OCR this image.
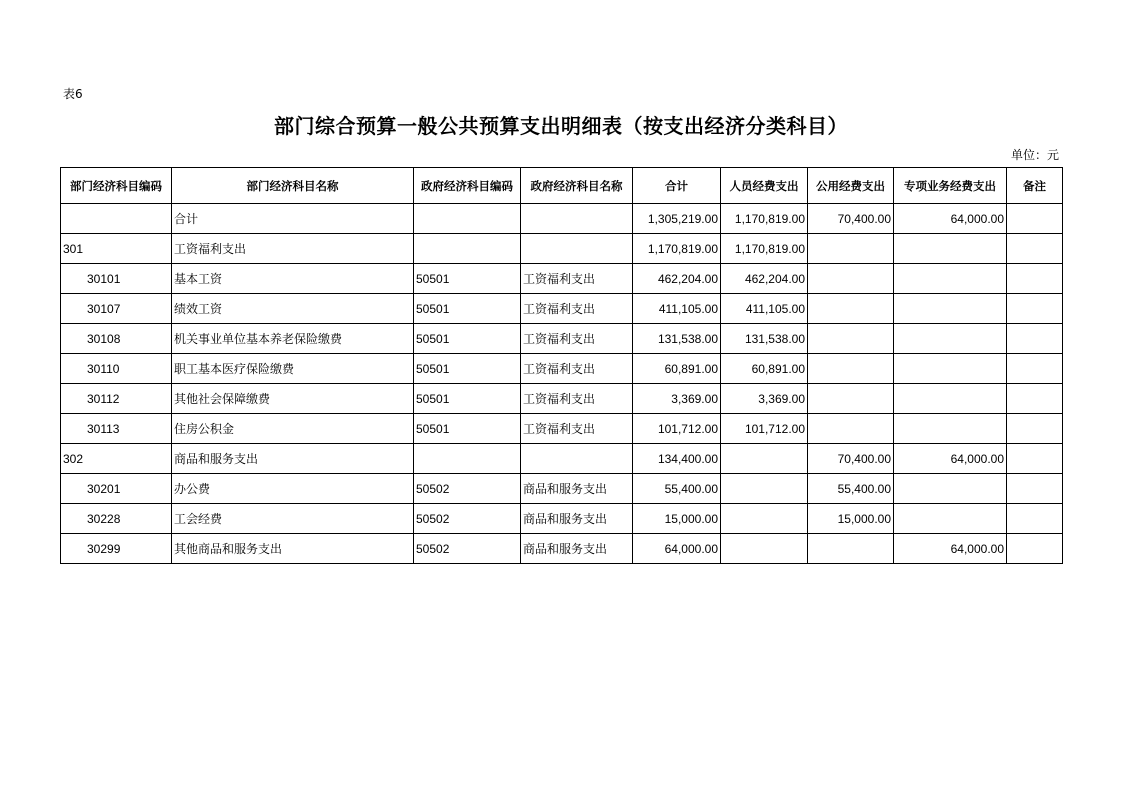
表6
部门综合预算一般公共预算支出明细表（按支出经济分类科目）
单位：元
部门经济科目编码	部门经济科目名称	政府经济科目编码	政府经济科目名称	合计	人员经费支出	公用经费支出	专项业务经费支出	备注
	合计			1,305,219.00	1,170,819.00	70,400.00	64,000.00	
301	工资福利支出			1,170,819.00	1,170,819.00			
30101	基本工资	50501	工资福利支出	462,204.00	462,204.00			
30107	绩效工资	50501	工资福利支出	411,105.00	411,105.00			
30108	机关事业单位基本养老保险缴费	50501	工资福利支出	131,538.00	131,538.00			
30110	职工基本医疗保险缴费	50501	工资福利支出	60,891.00	60,891.00			
30112	其他社会保障缴费	50501	工资福利支出	3,369.00	3,369.00			
30113	住房公积金	50501	工资福利支出	101,712.00	101,712.00			
302	商品和服务支出			134,400.00		70,400.00	64,000.00	
30201	办公费	50502	商品和服务支出	55,400.00		55,400.00		
30228	工会经费	50502	商品和服务支出	15,000.00		15,000.00		
30299	其他商品和服务支出	50502	商品和服务支出	64,000.00			64,000.00	
